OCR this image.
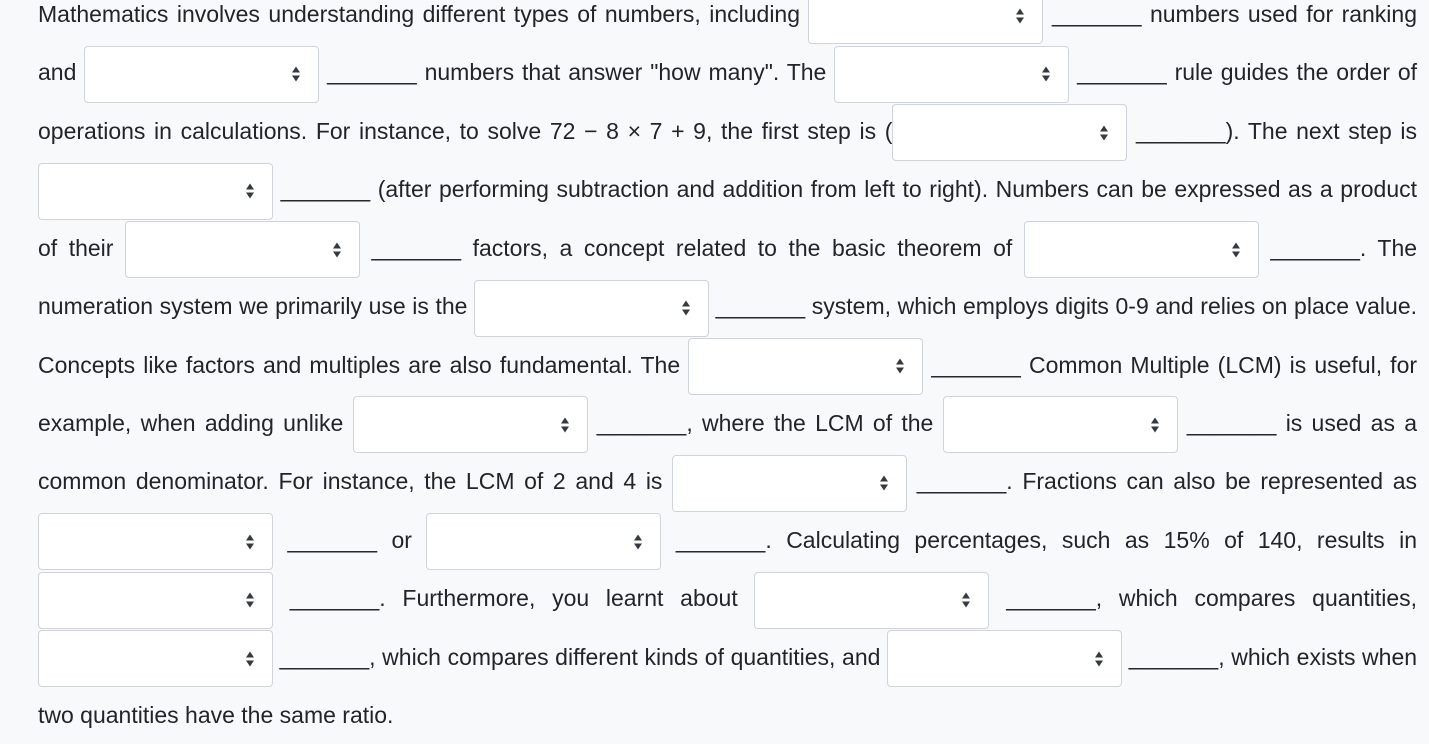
Mathematics involves understanding different types of numbers, including	_______ numbers used for ranking and	_______ numbers that answer "how many". The	_______ rule guides the order of operations in calculations. For instance, to solve 72 − 8 × 7 + 9, the first step is (	_______). The next step is
_______ (after performing subtraction and addition from left to right). Numbers can be expressed as a product of their	_______ factors, a concept related to the basic theorem of	_______. The numeration system we primarily use is the	_______ system, which employs digits 0-9 and relies on place value. Concepts like factors and multiples are also fundamental. The	_______ Common Multiple (LCM) is useful, for example, when adding unlike	_______, where the LCM of the	_______ is used as a common denominator. For instance, the LCM of 2 and 4 is	_______. Fractions can also be represented as
_______ or	_______. Calculating percentages, such as 15% of 140, results in
_______. Furthermore, you learnt about	_______, which compares quantities,
_______, which compares different kinds of quantities, and	_______, which exists when two quantities have the same ratio.
